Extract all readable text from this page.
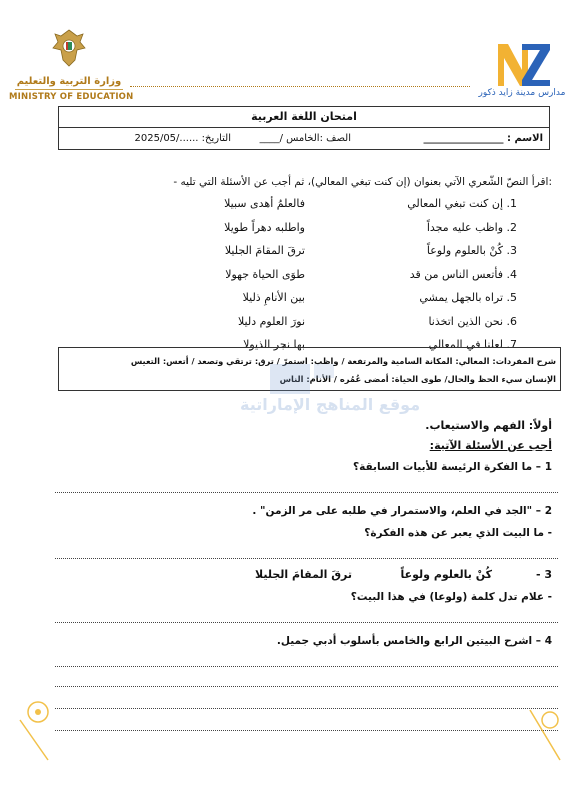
وزارة التربية والتعليم
MINISTRY OF EDUCATION	مدارس مدينة زايد ذكور
امتحان اللغة العربية
الاسم : ________________
الصف :الخامس /____
التاريخ: ....../2025/05
- اقرأ النصّ الشّعري الآتي بعنوان (إن كنت تبغي المعالي)، ثم أجب عن الأسئلة التي تليه:
1. إن كنت تبغي المعالي
فالعلمُ أهدى سبيلا
2. واظب عليه مجداً
واطلبه دهراً طويلا
3. كُنْ بالعلوم ولوعاً
ترقَ المقامَ الجليلا
4. فأتعس الناس من قد
طوَى الحياة جهولا
5. تراه بالجهل يمشي
بين الأنامِ ذليلا
6. نحن الذين اتخذنا
نورَ العلوم دليلا
7. لعلنا في المعالي
بها نجر الذيولا
شرح المفردات: المعالي: المكانة السامية والمرتفعة / واظب: استمرّ / ترق: ترتقي وتصعد / أتعس: التعيس
الإنسان سيء الحظ والحال/ طوى الحياة: أمضى عُمُره / الأنام: الناس
موقع المناهج الإماراتية
أولاً: الفهم والاستيعاب.
أجب عن الأسئلة الآتية:
1 – ما الفكرة الرئيسة للأبيات السابقة؟
2 – "الجد في العلم، والاستمرار في طلبه على مر الزمن" .
- ما البيت الذي يعبر عن هذه الفكرة؟
3 -
كُنْ بالعلوم ولوعاً
ترقَ المقامَ الجليلا
- علام تدل كلمة (ولوعا) في هذا البيت؟
4 – اشرح البيتين الرابع والخامس بأسلوب أدبي جميل.
